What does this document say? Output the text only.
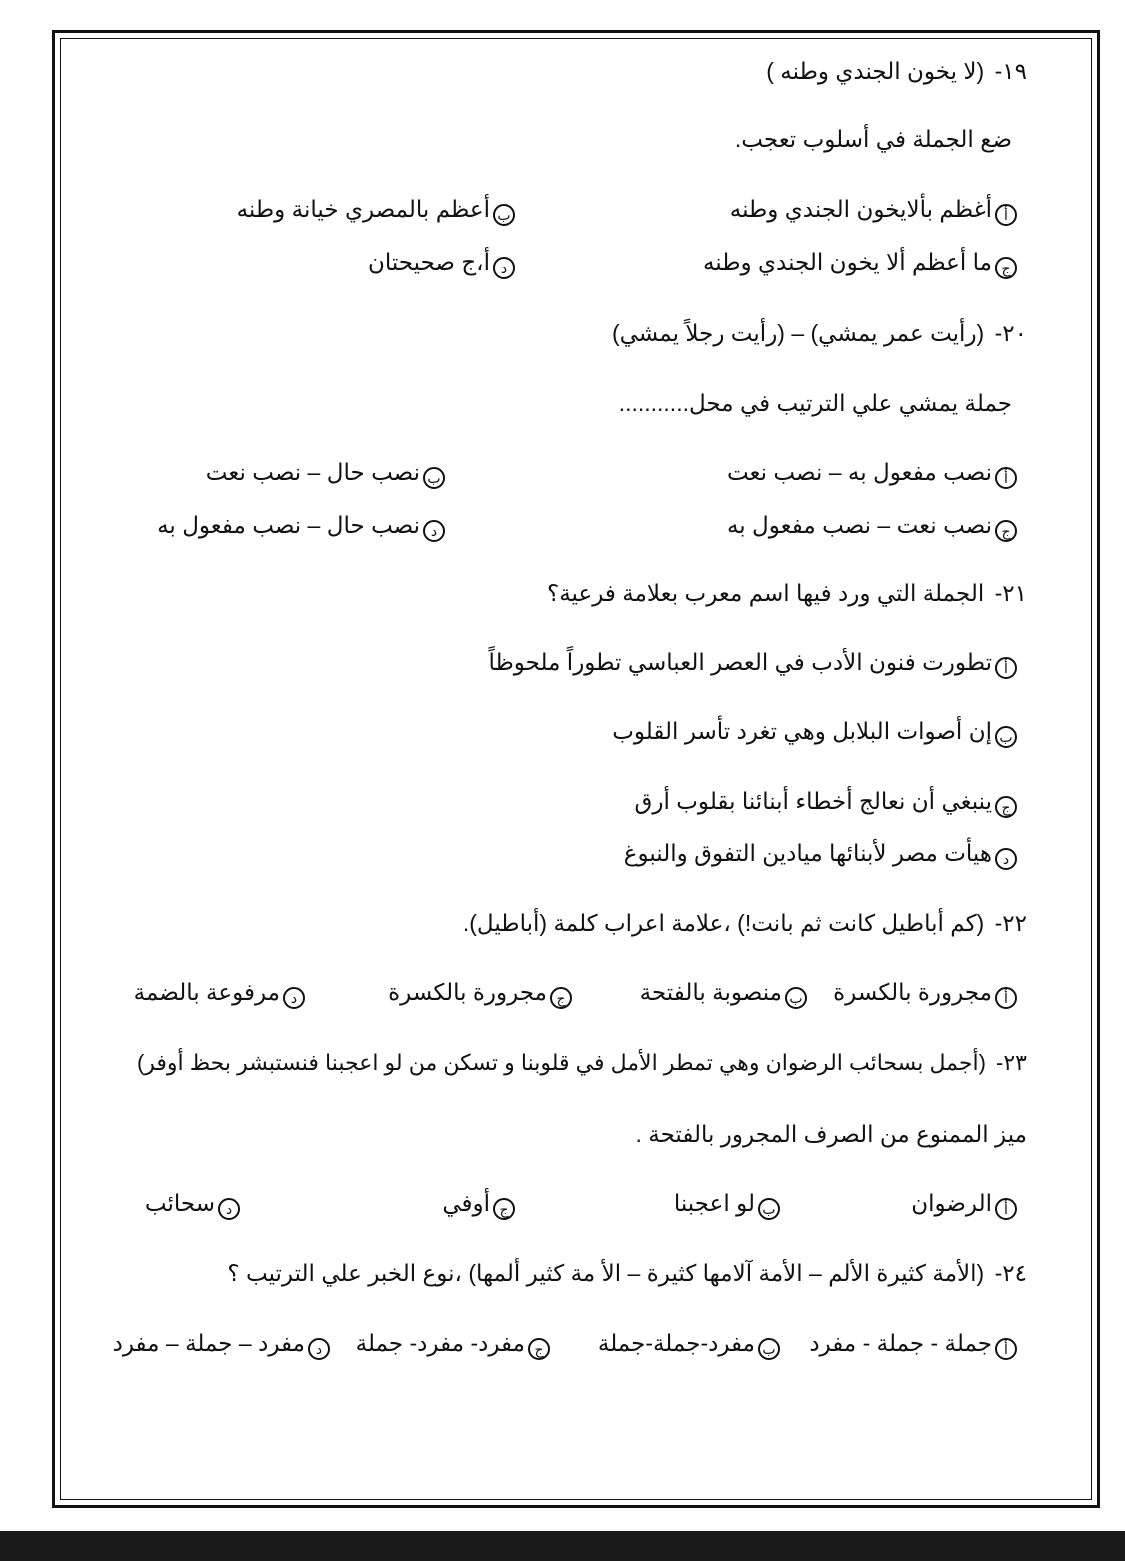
١٩- (لا يخون الجندي وطنه )
ضع الجملة في أسلوب تعجب.
أأغظم بألايخون الجندي وطنه
بأعظم بالمصري خيانة وطنه
جما أعظم ألا يخون الجندي وطنه
دأ،ج صحيحتان
٢٠- (رأيت عمر يمشي) – (رأيت رجلاً يمشي)
جملة يمشي علي الترتيب في محل...........
أنصب مفعول به – نصب نعت
بنصب حال – نصب نعت
جنصب نعت – نصب مفعول به
دنصب حال – نصب مفعول به
٢١- الجملة التي ورد فيها اسم معرب بعلامة فرعية؟
أتطورت فنون الأدب في العصر العباسي تطوراً ملحوظاً
بإن أصوات البلابل وهي تغرد تأسر القلوب
جينبغي أن نعالج أخطاء أبنائنا بقلوب أرق
دهيأت مصر لأبنائها ميادين التفوق والنبوغ
٢٢- (كم أباطيل كانت ثم بانت!) ،علامة اعراب كلمة (أباطيل).
أمجرورة بالكسرة
بمنصوبة بالفتحة
جمجرورة بالكسرة
دمرفوعة بالضمة
٢٣- (أجمل بسحائب الرضوان وهي تمطر الأمل في قلوبنا و تسكن من لو اعجبنا فنستبشر بحظ أوفر)
ميز الممنوع من الصرف المجرور بالفتحة .
أالرضوان
بلو اعجبنا
جأوفي
دسحائب
٢٤- (الأمة كثيرة الألم – الأمة آلامها كثيرة – الأ مة كثير ألمها) ،نوع الخبر علي الترتيب ؟
أجملة - جملة - مفرد
بمفرد-جملة-جملة
جمفرد- مفرد- جملة
دمفرد – جملة – مفرد
